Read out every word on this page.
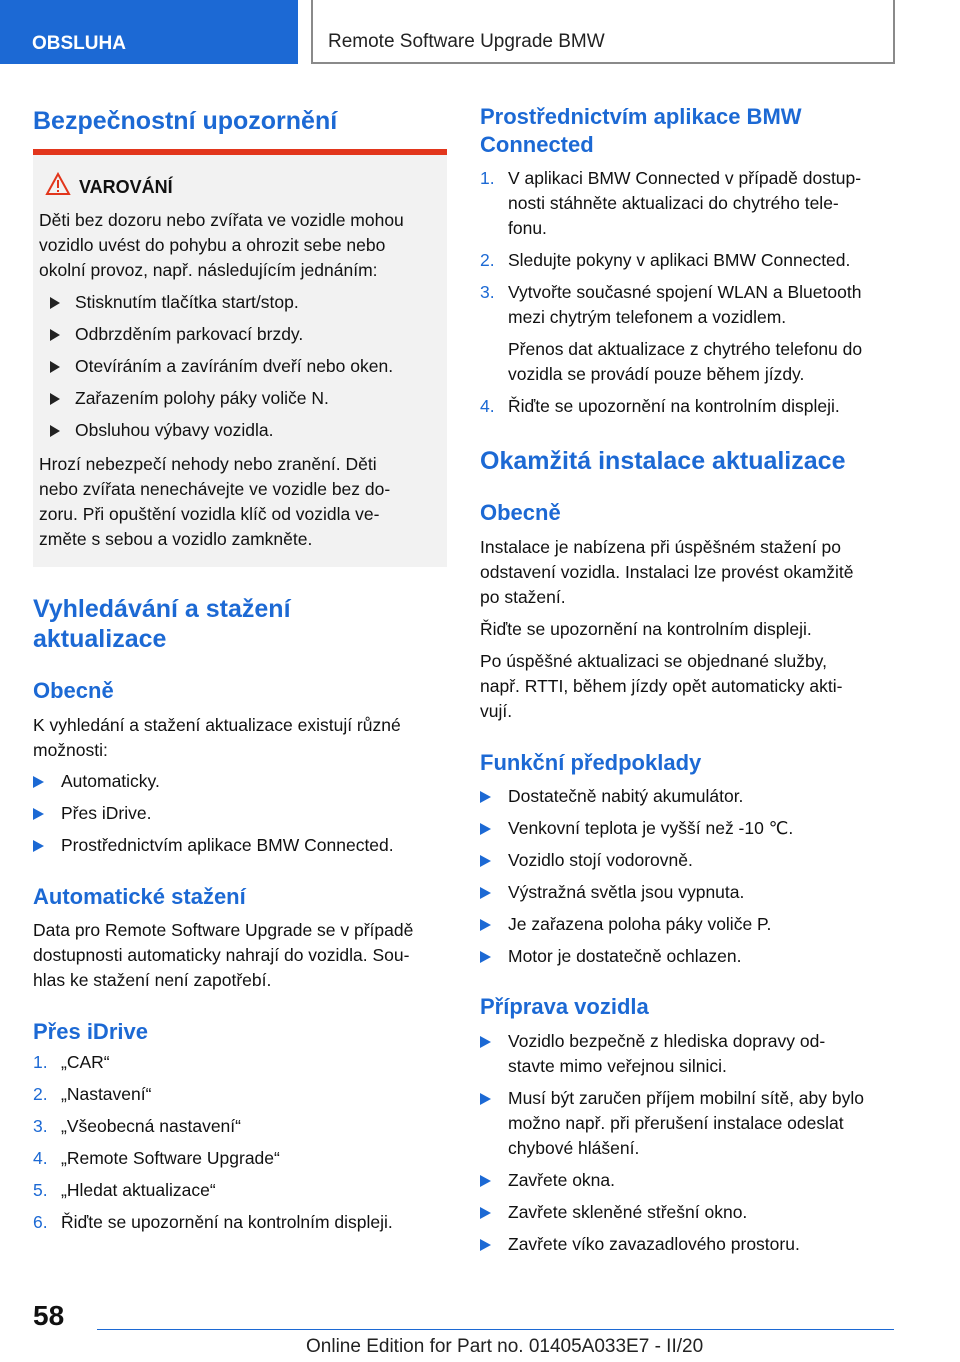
OBSLUHA	Remote Software Upgrade BMW
Bezpečnostní upozornění
VAROVÁNÍ
Děti bez dozoru nebo zvířata ve vozidle mohou
vozidlo uvést do pohybu a ohrozit sebe nebo
okolní provoz, např. následujícím jednáním:
Stisknutím tlačítka start/stop.
Odbrzděním parkovací brzdy.
Otevíráním a zavíráním dveří nebo oken.
Zařazením polohy páky voliče N.
Obsluhou výbavy vozidla.
Hrozí nebezpečí nehody nebo zranění. Děti
nebo zvířata nenechávejte ve vozidle bez do-
zoru. Při opuštění vozidla klíč od vozidla ve-
změte s sebou a vozidlo zamkněte.
Vyhledávání a stažení
aktualizace
Obecně
K vyhledání a stažení aktualizace existují různé
možnosti:
Automaticky.
Přes iDrive.
Prostřednictvím aplikace BMW Connected.
Automatické stažení
Data pro Remote Software Upgrade se v případě
dostupnosti automaticky nahrají do vozidla. Sou-
hlas ke stažení není zapotřebí.
Přes iDrive
1. „CAR“
2. „Nastavení“
3. „Všeobecná nastavení“
4. „Remote Software Upgrade“
5. „Hledat aktualizace“
6. Řiďte se upozornění na kontrolním displeji.
Prostřednictvím aplikace BMW
Connected
1. V aplikaci BMW Connected v případě dostup-
nosti stáhněte aktualizaci do chytrého tele-
fonu.
2. Sledujte pokyny v aplikaci BMW Connected.
3. Vytvořte současné spojení WLAN a Bluetooth
mezi chytrým telefonem a vozidlem.
Přenos dat aktualizace z chytrého telefonu do
vozidla se provádí pouze během jízdy.
4. Řiďte se upozornění na kontrolním displeji.
Okamžitá instalace aktualizace
Obecně
Instalace je nabízena při úspěšném stažení po
odstavení vozidla. Instalaci lze provést okamžitě
po stažení.
Řiďte se upozornění na kontrolním displeji.
Po úspěšné aktualizaci se objednané služby,
např. RTTI, během jízdy opět automaticky akti-
vují.
Funkční předpoklady
Dostatečně nabitý akumulátor.
Venkovní teplota je vyšší než -10 ℃.
Vozidlo stojí vodorovně.
Výstražná světla jsou vypnuta.
Je zařazena poloha páky voliče P.
Motor je dostatečně ochlazen.
Příprava vozidla
Vozidlo bezpečně z hlediska dopravy od-
stavte mimo veřejnou silnici.
Musí být zaručen příjem mobilní sítě, aby bylo
možno např. při přerušení instalace odeslat
chybové hlášení.
Zavřete okna.
Zavřete skleněné střešní okno.
Zavřete víko zavazadlového prostoru.
58
Online Edition for Part no. 01405A033E7 - II/20
